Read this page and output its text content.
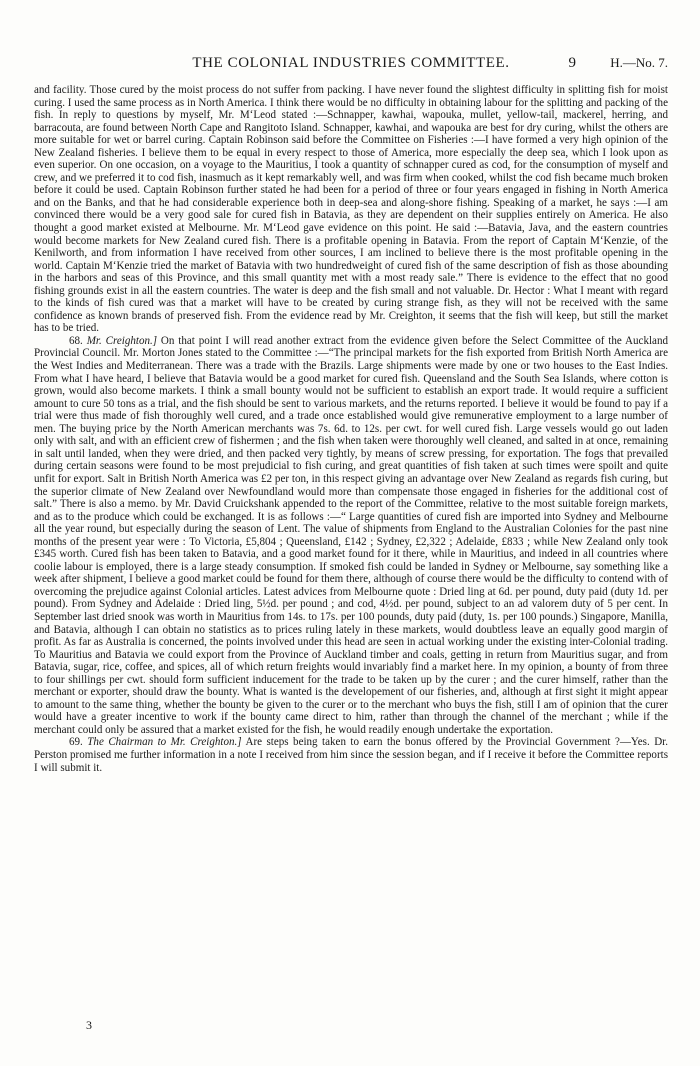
THE COLONIAL INDUSTRIES COMMITTEE.	9	H.—No. 7.

and facility. Those cured by the moist process do not suffer from packing. I have never found the slightest difficulty in splitting fish for moist curing. I used the same process as in North America. I think there would be no difficulty in obtaining labour for the splitting and packing of the fish. In reply to questions by myself, Mr. M‘Leod stated :—Schnapper, kawhai, wapouka, mullet, yellow-tail, mackerel, herring, and barracouta, are found between North Cape and Rangitoto Island. Schnapper, kawhai, and wapouka are best for dry curing, whilst the others are more suitable for wet or barrel curing. Captain Robinson said before the Committee on Fisheries :—I have formed a very high opinion of the New Zealand fisheries. I believe them to be equal in every respect to those of America, more especially the deep sea, which I look upon as even superior. On one occasion, on a voyage to the Mauritius, I took a quantity of schnapper cured as cod, for the consumption of myself and crew, and we preferred it to cod fish, inasmuch as it kept remarkably well, and was firm when cooked, whilst the cod fish became much broken before it could be used. Captain Robinson further stated he had been for a period of three or four years engaged in fishing in North America and on the Banks, and that he had considerable experience both in deep-sea and along-shore fishing. Speaking of a market, he says :—I am convinced there would be a very good sale for cured fish in Batavia, as they are dependent on their supplies entirely on America. He also thought a good market existed at Melbourne. Mr. M‘Leod gave evidence on this point. He said :—Batavia, Java, and the eastern countries would become markets for New Zealand cured fish. There is a profitable opening in Batavia. From the report of Captain M‘Kenzie, of the Kenilworth, and from information I have received from other sources, I am inclined to believe there is the most profitable opening in the world. Captain M‘Kenzie tried the market of Batavia with two hundredweight of cured fish of the same description of fish as those abounding in the harbors and seas of this Province, and this small quantity met with a most ready sale.” There is evidence to the effect that no good fishing grounds exist in all the eastern countries. The water is deep and the fish small and not valuable. Dr. Hector : What I meant with regard to the kinds of fish cured was that a market will have to be created by curing strange fish, as they will not be received with the same confidence as known brands of preserved fish. From the evidence read by Mr. Creighton, it seems that the fish will keep, but still the market has to be tried.

68. Mr. Creighton.] On that point I will read another extract from the evidence given before the Select Committee of the Auckland Provincial Council. Mr. Morton Jones stated to the Committee :—“The principal markets for the fish exported from British North America are the West Indies and Mediterranean. There was a trade with the Brazils. Large shipments were made by one or two houses to the East Indies. From what I have heard, I believe that Batavia would be a good market for cured fish. Queensland and the South Sea Islands, where cotton is grown, would also become markets. I think a small bounty would not be sufficient to establish an export trade. It would require a sufficient amount to cure 50 tons as a trial, and the fish should be sent to various markets, and the returns reported. I believe it would be found to pay if a trial were thus made of fish thoroughly well cured, and a trade once established would give remunerative employment to a large number of men. The buying price by the North American merchants was 7s. 6d. to 12s. per cwt. for well cured fish. Large vessels would go out laden only with salt, and with an efficient crew of fishermen ; and the fish when taken were thoroughly well cleaned, and salted in at once, remaining in salt until landed, when they were dried, and then packed very tightly, by means of screw pressing, for exportation. The fogs that prevailed during certain seasons were found to be most prejudicial to fish curing, and great quantities of fish taken at such times were spoilt and quite unfit for export. Salt in British North America was £2 per ton, in this respect giving an advantage over New Zealand as regards fish curing, but the superior climate of New Zealand over Newfoundland would more than compensate those engaged in fisheries for the additional cost of salt.” There is also a memo. by Mr. David Cruickshank appended to the report of the Committee, relative to the most suitable foreign markets, and as to the produce which could be exchanged. It is as follows :—“ Large quantities of cured fish are imported into Sydney and Melbourne all the year round, but especially during the season of Lent. The value of shipments from England to the Australian Colonies for the past nine months of the present year were : To Victoria, £5,804 ; Queensland, £142 ; Sydney, £2,322 ; Adelaide, £833 ; while New Zealand only took £345 worth. Cured fish has been taken to Batavia, and a good market found for it there, while in Mauritius, and indeed in all countries where coolie labour is employed, there is a large steady consumption. If smoked fish could be landed in Sydney or Melbourne, say something like a week after shipment, I believe a good market could be found for them there, although of course there would be the difficulty to contend with of overcoming the prejudice against Colonial articles. Latest advices from Melbourne quote : Dried ling at 6d. per pound, duty paid (duty 1d. per pound). From Sydney and Adelaide : Dried ling, 5½d. per pound ; and cod, 4½d. per pound, subject to an ad valorem duty of 5 per cent. In September last dried snook was worth in Mauritius from 14s. to 17s. per 100 pounds, duty paid (duty, 1s. per 100 pounds.) Singapore, Manilla, and Batavia, although I can obtain no statistics as to prices ruling lately in these markets, would doubtless leave an equally good margin of profit. As far as Australia is concerned, the points involved under this head are seen in actual working under the existing inter-Colonial trading. To Mauritius and Batavia we could export from the Province of Auckland timber and coals, getting in return from Mauritius sugar, and from Batavia, sugar, rice, coffee, and spices, all of which return freights would invariably find a market here. In my opinion, a bounty of from three to four shillings per cwt. should form sufficient inducement for the trade to be taken up by the curer ; and the curer himself, rather than the merchant or exporter, should draw the bounty. What is wanted is the developement of our fisheries, and, although at first sight it might appear to amount to the same thing, whether the bounty be given to the curer or to the merchant who buys the fish, still I am of opinion that the curer would have a greater incentive to work if the bounty came direct to him, rather than through the channel of the merchant ; while if the merchant could only be assured that a market existed for the fish, he would readily enough undertake the exportation.

69. The Chairman to Mr. Creighton.] Are steps being taken to earn the bonus offered by the Provincial Government ?—Yes. Dr. Perston promised me further information in a note I received from him since the session began, and if I receive it before the Committee reports I will submit it.

3
